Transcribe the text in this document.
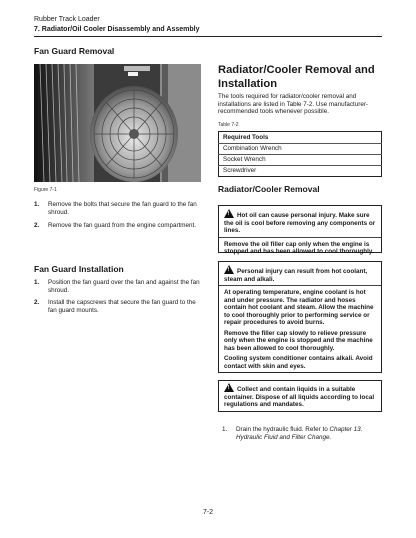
Rubber Track Loader
7. Radiator/Oil Cooler Disassembly and Assembly
Fan Guard Removal
Figure 7-1
1.	Remove the bolts that secure the fan guard to the fan shroud.
2.	Remove the fan guard from the engine compartment.
Fan Guard Installation
1.	Position the fan guard over the fan and against the fan shroud.
2.	Install the capscrews that secure the fan guard to the fan guard mounts.
Radiator/Cooler Removal and Installation
The tools required for radiator/cooler removal and installations are listed in Table 7-2. Use manufacturer-recommended tools whenever possible.
Table 7-2
Required Tools
Combination Wrench
Socket Wrench
Screwdriver
Radiator/Cooler Removal
!Hot oil can cause personal injury. Make sure the oil is cool before removing any components or lines.
Remove the oil filler cap only when the engine is stopped and has been allowed to cool thoroughly.
!Personal injury can result from hot coolant, steam and alkali.
At operating temperature, engine coolant is hot and under pressure. The radiator and hoses contain hot coolant and steam. Allow the machine to cool thoroughly prior to performing service or repair procedures to avoid burns.
Remove the filler cap slowly to relieve pressure only when the engine is stopped and the machine has been allowed to cool thoroughly.
Cooling system conditioner contains alkali. Avoid contact with skin and eyes.
!Collect and contain liquids in a suitable container. Dispose of all liquids according to local regulations and mandates.
1.	Drain the hydraulic fluid. Refer to Chapter 13. Hydraulic Fluid and Filter Change.
7-2
